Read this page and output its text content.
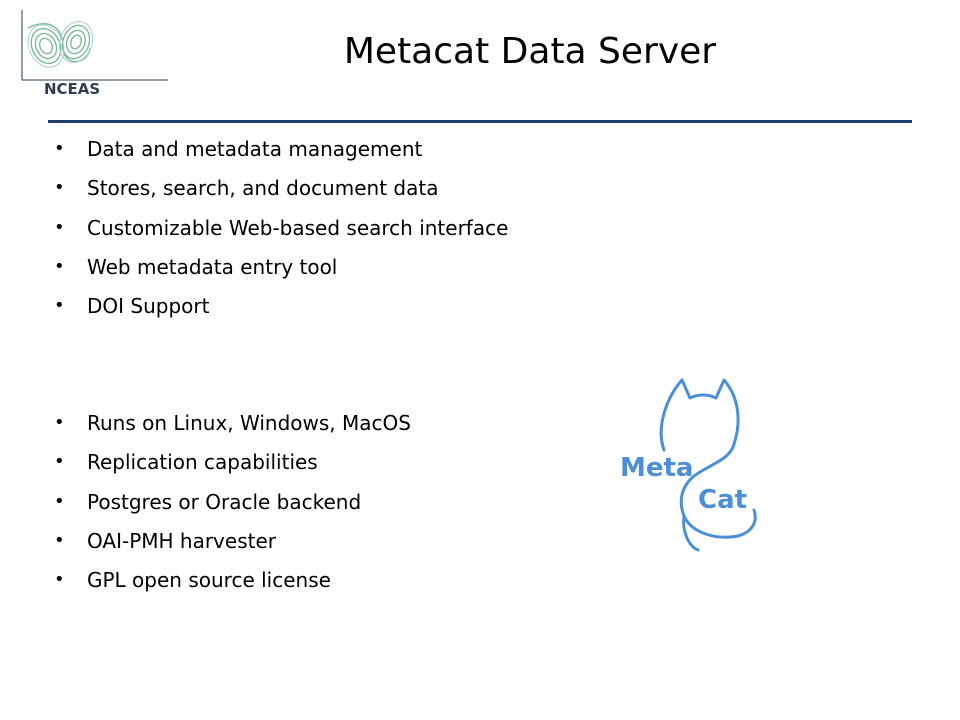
NCEAS
Metacat Data Server
• Data and metadata management
• Stores, search, and document data
• Customizable Web-based search interface
• Web metadata entry tool
• DOI Support
• Runs on Linux, Windows, MacOS
• Replication capabilities
• Postgres or Oracle backend
• OAI-PMH harvester
• GPL open source license
Meta
Cat
